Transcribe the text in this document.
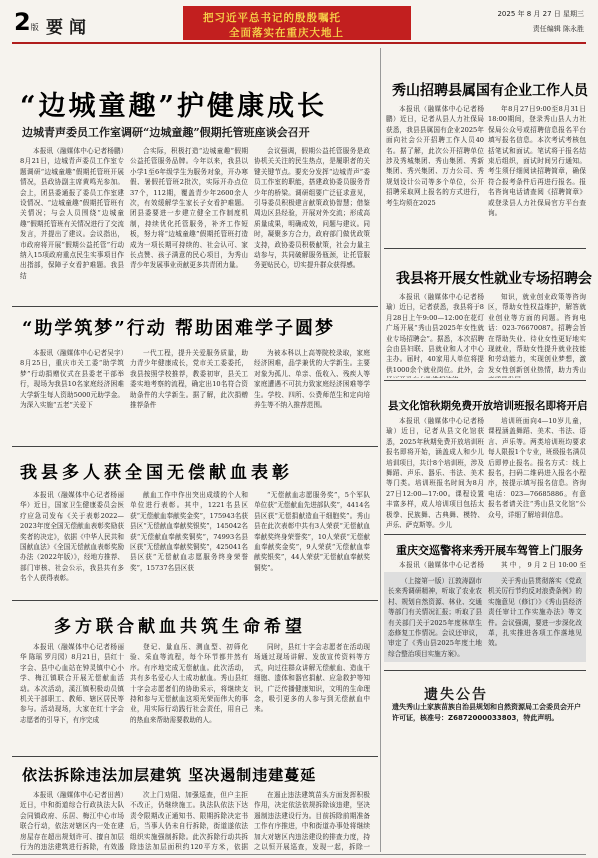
2版 要闻	把习近平总书记的殷殷嘱托
全面落实在重庆大地上
2025 年 8 月 27 日 星期三
责任编辑 陈永胜
“边城童趣”护健康成长
边城青声委员工作室调研“边城童趣”假期托管班座谈会召开

本报讯（融媒体中心记者杨鹏）8月21日，边城青声委员工作室专题调研“边城童趣”假期托管班开展情况，县政协副主席黄鸣光参加。会上，团县委通报了委员工作室建设情况、“边城童趣”假期托管班有关情况；与会人员围绕“边城童趣”假期托管班有关情况进行了交流发言，并提出了建议。会议指出，市政府将开展“假期公益托管”行动纳入15项政府重点民生实事项目作出指部，保障子女看护难题。我县结

合实际，积极打造“边城童趣”假期公益托管服务品牌。今年以来，我县以小学1至6年级学生为服务对象，开办寒假、暑假托管班2批次，实际开办点位37个，112期，覆盖青少年2600余人次，有效缓解学生家长子女看护难题。团县委要进一步建立健全工作制度机制，持续优化托管服务，补齐工作短板，努力将“边城童趣”假期托管班打造成为一项长期可持续的、社会认可、家长点赞、孩子满意的民心项目，为秀山青少年发展事业贡献更多共青团力量。

会议强调，假期公益托管服务是政协机关关注的民生热点，是履职者的关键关键节点。要充分发挥“边城青声”委员工作室的职能，搭建政协委员服务青少年的桥梁。调研组要广泛征求意见，引导委员积极建言献策政协智慧；借鉴周边区县经验，开展对外交流；形成高质量成果，明确成效，问题与建议。同时，凝聚多方合力，政府部门做优政策支持，政协委员积极献策，社会力量主动参与，共同破解服务瓶颈，让托管服务更贴民心，切实提升群众获得感。

“助学筑梦”行动 帮助困难学子圆梦

本报讯（融媒体中心记者吴宇）8月25日，重庆市关工委“助学筑梦”行动捐赠仪式在县委老干部举行，现场为我县10名家庭经济困难大学新生每人资助5000元助学金。为深入实施“五老”关爱下

一代工程，提升关爱服务质量，助力青少年健康成长，党市关工委委托，我县按照学校推荐，教委初审，县关工委实地考察的流程，确定出10名符合资助条件的大学新生。据了解，此次捐赠推荐条件

为被本科以上高等院校录取，家庭经济困难，品学兼优的大学新生。主要对象为孤儿、单亲、低收入、残疾人等家庭遭遇不可抗力致家庭经济困难等学生。学校、四所、公费师范生和定向培养生等不纳入推荐范围。

我县多人获全国无偿献血表彰

本报讯（融媒体中心记者杨丽华）近日，国家卫生健康委员会医疗应急司发布《关于表彰2022—2023年度全国无偿献血表彰奖励获奖者的决定》，依据《中华人民共和国献血法》《全国无偿献血表彰奖励办法（2022年版）》，经地方推荐、部门审核、社会公示，我县共有多名个人获得表彰。

献血工作中作出突出成绩的个人和单位进行表彰。其中，1221名县区获“无偿献血奉献奖金奖”，175943名获县区“无偿献血奉献奖银奖”，145042名获“无偿献血奉献奖铜奖”，74993名县区获“无偿献血奉献奖铜奖”，425041名县区获“无偿献血志愿服务终身荣誉奖”，15737名县区获

“无偿献血志愿服务奖”，5个军队单位获“无偿献血先进部队奖”，4414名县区获“无偿捐献造血干细胞奖”。秀山县在此次表彰中共有3人荣获“无偿献血奉献奖终身荣誉奖”，10人荣获“无偿献血奉献奖金奖”，9人荣获“无偿献血奉献奖银奖”，44人荣获“无偿献血奉献奖铜奖”。

多方联合献血共筑生命希望

本报讯（融媒体中心记者杨丽华 陈瑶 罗月园）8月21日，县红十字会、县中心血站在钟灵镇中心小学、梅江镇联合开展无偿献血活动。本次活动，溪江镇积极动员镇机关干部职工、教师、辖区居民等参与。活动现场，大家在红十字会志愿者的引导下，有序完成

登记、量血压、测血型、初筛化验、采血等流程，每个环节都井然有序。有序地完成无偿献血。此次活动，共有多名爱心人士成功献血。秀山县红十字会志愿者们的协助采示，将继续支持和参与无偿献血这项光荣而伟大的事业，用实际行动践行社会责任，用自己的热血来帮助需要救助的人。

同时，县红十字会志愿者在活动现场通过现场讲解、发放宣传资料等方式，向过往群众讲解无偿献血、造血干细胞、遗体和器官捐献、应急救护等知识，广泛传播健康知识，文明的生命理念，吸引更多的人参与到无偿献血中来。

依法拆除违法加层建筑 坚决遏制违建蔓延

本报讯（融媒体中心记者田茜）近日，中和街道综合行政执法大队会同镇政府、乐居、梅江中心市场联合行动，依法对辖区内一处在建房屋存在超出规划许可、擅自加层行为的违法建筑进行拆除，有效遏

次上门劝阻、加强巡查，但户主拒不改正，仍继续施工。执法队依法下达责令限期改正通知书、限期拆除决定书后，当事人仍未自行拆除，街道遂依法组织实施强制拆除。此次拆除行动共拆除违法加层面积约120平方米，依据

在遏止违法建筑苗头方面发挥积极作用，决定依法依规拆除该违建，坚决遏制违法建设行为。目前拆除前期准备工作有序推进，中和街道办事处将继续加大对辖区内违法建设的排查力度，持之以恒开展巡查，发现一起，拆除一

秀山招聘县属国有企业工作人员

本报讯（融媒体中心记者杨鹏）近日，记者从县人力社保局获悉，我县县属国有企业2025年面向社会公开招聘工作人员40名。据了解，此次公开招聘单位涉及秀城集团、秀山集团、秀新集团、秀兴集团、万力公司、秀规划设计公司等多个单位，公开招聘采取网上报名的方式进行，考生均须在2025

年8月27日9:00至8月31日18:00期间，登录秀山县人力社保局公众号或招聘信息报名平台填写报名信息。本次考试考核包括笔试和面试。笔试将于报名结束后组织，面试时间另行通知。考生须仔细阅读招聘简章，确保符合报考条件后再进行报名。报名咨询电话请查阅《招聘简章》或登录县人力社保局官方平台查询。

我县将开展女性就业专场招聘会

本报讯（融媒体中心记者杨瑜）近日，记者获悉，我县将于8月28日上午9:00—12:00在花灯广场开展“秀山县2025年女性就业专场招聘会”。据悉，本次招聘会由县妇联、县就业和人才中心主办。届时，40家用人单位将提供1000余个就业岗位。此外，会

知识，就业创业政策等咨询区，帮助女性权益维护，解答就业创业等方面的问题。咨询电话：023-76670087。招聘会旨在帮助失业、待业女性更好地实现就业，帮助女性提升就业技能和劳动能力，实现创业梦想，激发女性创新创业热情，助力秀山

县文化馆秋期免费开放培训班报名即将开启

本报讯（融媒体中心记者杨瑜）近日，记者从县文化馆获悉，2025年秋期免费开放培训班报名即将开始，涵盖成人和少儿培训项目，共计8个培训班，涉及舞蹈、声乐、器乐、书法、美术等门类。培训班报名时间为8月27日12:00—17:00。课程设置丰富多样，成人培训项目包括太极拳、民族舞、古典舞、模特、声乐、萨克斯等。少儿

培训班面向4—10岁儿童，课程涵盖舞蹈、美术、书法、语言、声乐等。两类培训班均要求每人限报1个专业，班级报名满员后即停止报名。报名方式：线上报名，扫码二维码进入报名小程序，按提示填写报名信息。咨询电话：023—76685886。有意报名者请关注“秀山县文化馆”公众号，详细了解培训信息。

重庆交巡警将来秀开展车驾管上门服务

（上接第一版）江敦涛副市长来秀调研精神，听取了农业农村、规划自然资源、林业、交通等部门有关情况汇报；听取了县有关部门关于2025年度林草生态修复工作情况。会议还审议，审定了《秀山县2025年度土地综合整治项目实施方案》。

关于秀山县贯彻落实《党政机关厉行节约反对浪费条例》的实施意见（修订）》《秀山县经济责任审计工作实施办法》等文件。会议强调，要进一步深化改革，扎实推进各项工作落地见效。

本报讯（融媒体中心记者杨	其中，9月2日10:00至

遗失公告
遗失秀山土家族苗族自治县规划和自然资源局工会委员会开户许可证，核准号：Z6872000033803，特此声明。
